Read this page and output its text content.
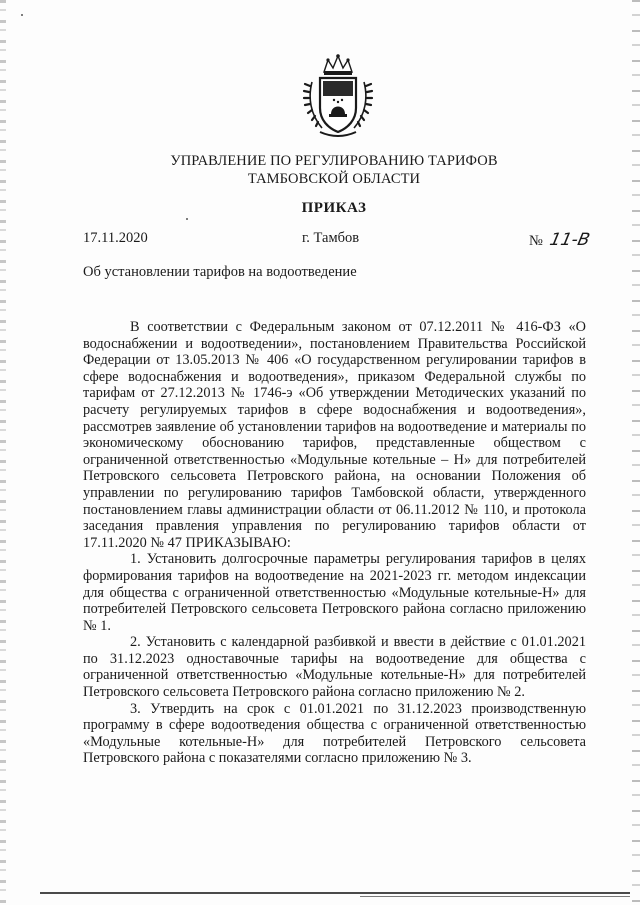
УПРАВЛЕНИЕ ПО РЕГУЛИРОВАНИЮ ТАРИФОВ
ТАМБОВСКОЙ ОБЛАСТИ
ПРИКАЗ
17.11.2020	г. Тамбов	№ 11-В
Об установлении тарифов на водоотведение

В соответствии с Федеральным законом от 07.12.2011 № 416-ФЗ «О водоснабжении и водоотведении», постановлением Правительства Российской Федерации от 13.05.2013 № 406 «О государственном регулировании тарифов в сфере водоснабжения и водоотведения», приказом Федеральной службы по тарифам от 27.12.2013 № 1746-э «Об утверждении Методических указаний по расчету регулируемых тарифов в сфере водоснабжения и водоотведения», рассмотрев заявление об установлении тарифов на водоотведение и материалы по экономическому обоснованию тарифов, представленные обществом с ограниченной ответственностью «Модульные котельные – Н» для потребителей Петровского сельсовета Петровского района, на основании Положения об управлении по регулированию тарифов Тамбовской области, утвержденного постановлением главы администрации области от 06.11.2012 № 110, и протокола заседания правления управления по регулированию тарифов области от 17.11.2020 № 47 ПРИКАЗЫВАЮ:

1. Установить долгосрочные параметры регулирования тарифов в целях формирования тарифов на водоотведение на 2021-2023 гг. методом индексации для общества с ограниченной ответственностью «Модульные котельные-Н» для потребителей Петровского сельсовета Петровского района согласно приложению № 1.

2. Установить с календарной разбивкой и ввести в действие с 01.01.2021 по 31.12.2023 одноставочные тарифы на водоотведение для общества с ограниченной ответственностью «Модульные котельные-Н» для потребителей Петровского сельсовета Петровского района согласно приложению № 2.

3. Утвердить на срок с 01.01.2021 по 31.12.2023 производственную программу в сфере водоотведения общества с ограниченной ответственностью «Модульные котельные-Н» для потребителей Петровского сельсовета Петровского района с показателями согласно приложению № 3.
